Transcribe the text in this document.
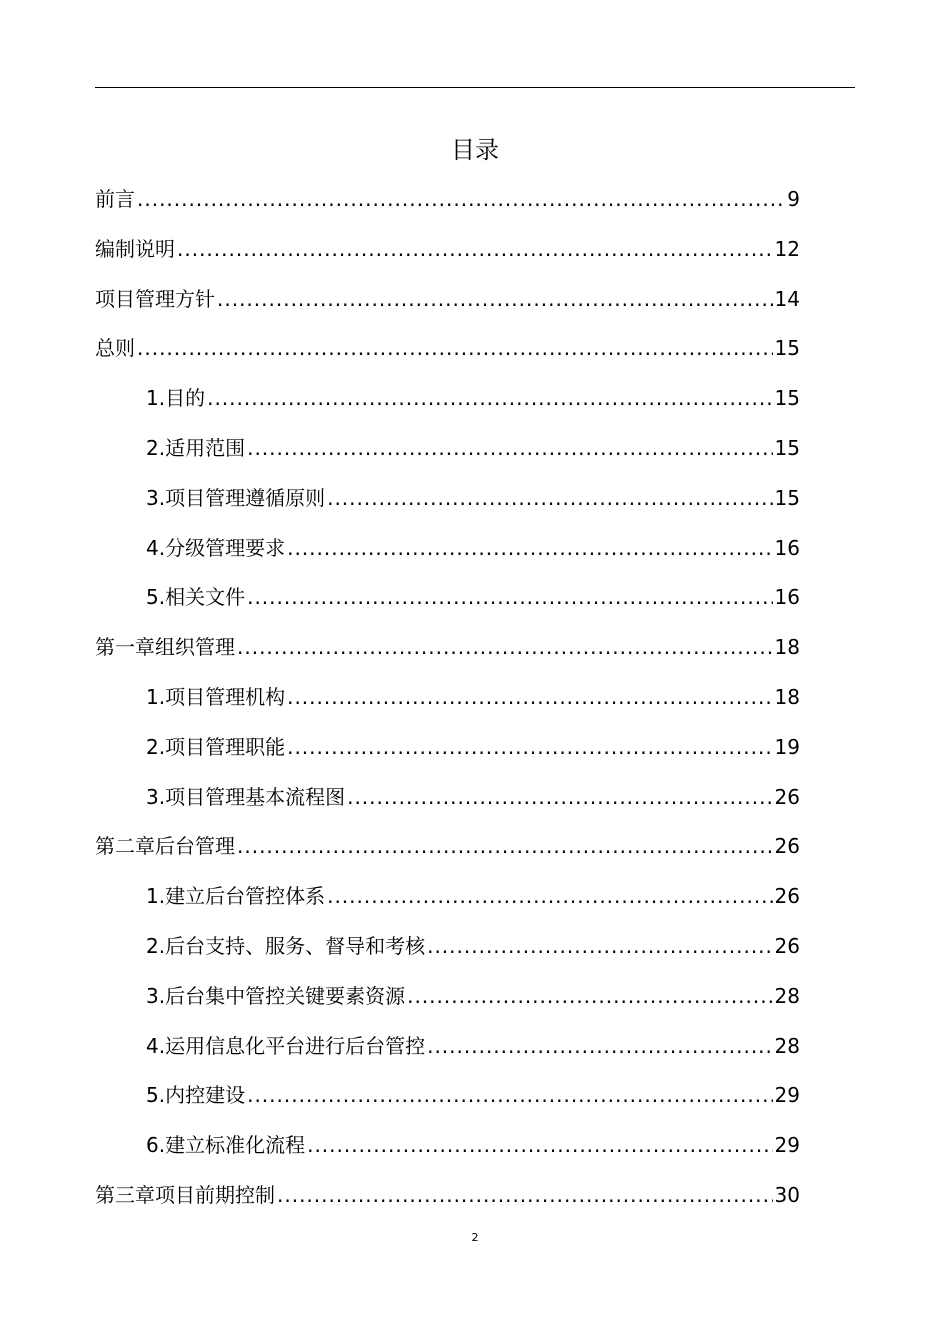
目录
前言 .....	9
编制说明 .....	12
项目管理方针 .....	14
总则 .....	15
1.目的 .....	15
2.适用范围 .....	15
3.项目管理遵循原则 .....	15
4.分级管理要求 .....	16
5.相关文件 .....	16
第一章组织管理 .....	18
1.项目管理机构 .....	18
2.项目管理职能 .....	19
3.项目管理基本流程图 .....	26
第二章后台管理 .....	26
1.建立后台管控体系 .....	26
2.后台支持、服务、督导和考核 .....	26
3.后台集中管控关键要素资源 .....	28
4.运用信息化平台进行后台管控 .....	28
5.内控建设 .....	29
6.建立标准化流程 .....	29
第三章项目前期控制 .....	30
2
